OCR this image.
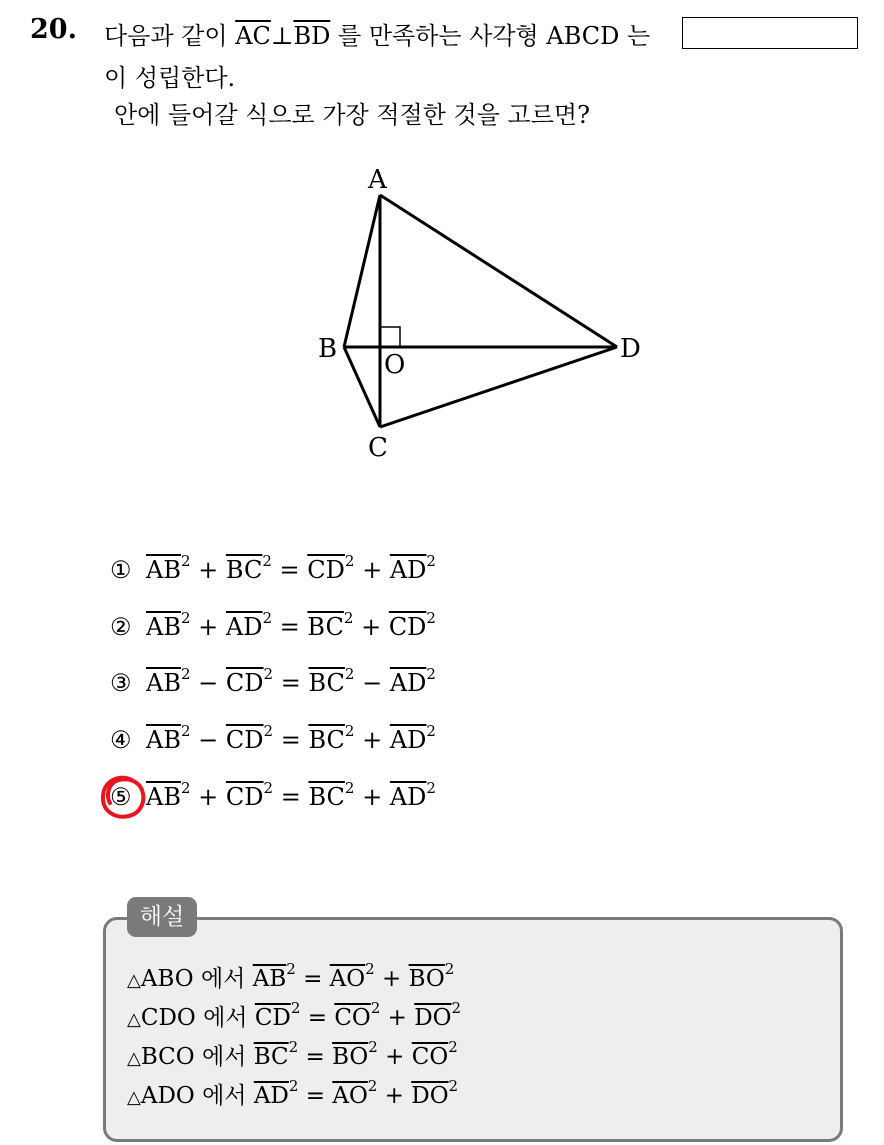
20. 다음과 같이 $\overline{AC}\perp\overline{BD}$ 를 만족하는 사각형 ABCD 는
이 성립한다.
안에 들어갈 식으로 가장 적절한 것을 고르면?
A
B
C
D
O
① $\overline{AB}^2 + \overline{BC}^2 = \overline{CD}^2 + \overline{AD}^2$
② $\overline{AB}^2 + \overline{AD}^2 = \overline{BC}^2 + \overline{CD}^2$
③ $\overline{AB}^2 - \overline{CD}^2 = \overline{BC}^2 - \overline{AD}^2$
④ $\overline{AB}^2 - \overline{CD}^2 = \overline{BC}^2 + \overline{AD}^2$
⑤ $\overline{AB}^2 + \overline{CD}^2 = \overline{BC}^2 + \overline{AD}^2$
해설
△ABO 에서 $\overline{AB}^2 = \overline{AO}^2 + \overline{BO}^2$
△CDO 에서 $\overline{CD}^2 = \overline{CO}^2 + \overline{DO}^2$
△BCO 에서 $\overline{BC}^2 = \overline{BO}^2 + \overline{CO}^2$
△ADO 에서 $\overline{AD}^2 = \overline{AO}^2 + \overline{DO}^2$
